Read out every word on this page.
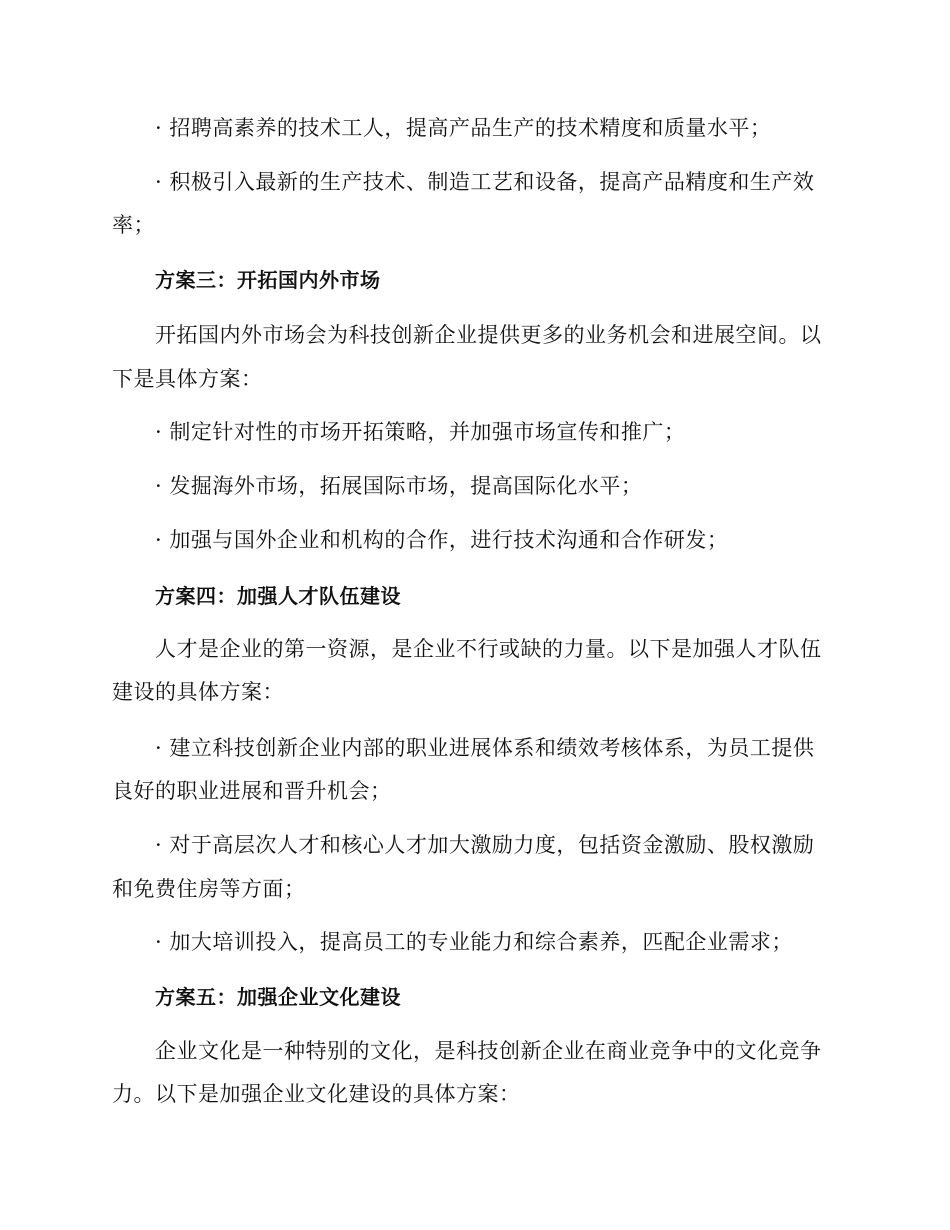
· 招聘高素养的技术工人，提高产品生产的技术精度和质量水平；
· 积极引入最新的生产技术、制造工艺和设备，提高产品精度和生产效
率；
方案三：开拓国内外市场
开拓国内外市场会为科技创新企业提供更多的业务机会和进展空间。以
下是具体方案：
· 制定针对性的市场开拓策略，并加强市场宣传和推广；
· 发掘海外市场，拓展国际市场，提高国际化水平；
· 加强与国外企业和机构的合作，进行技术沟通和合作研发；
方案四：加强人才队伍建设
人才是企业的第一资源，是企业不行或缺的力量。以下是加强人才队伍
建设的具体方案：
· 建立科技创新企业内部的职业进展体系和绩效考核体系，为员工提供
良好的职业进展和晋升机会；
· 对于高层次人才和核心人才加大激励力度，包括资金激励、股权激励
和免费住房等方面；
· 加大培训投入，提高员工的专业能力和综合素养，匹配企业需求；
方案五：加强企业文化建设
企业文化是一种特别的文化，是科技创新企业在商业竞争中的文化竞争
力。以下是加强企业文化建设的具体方案：
